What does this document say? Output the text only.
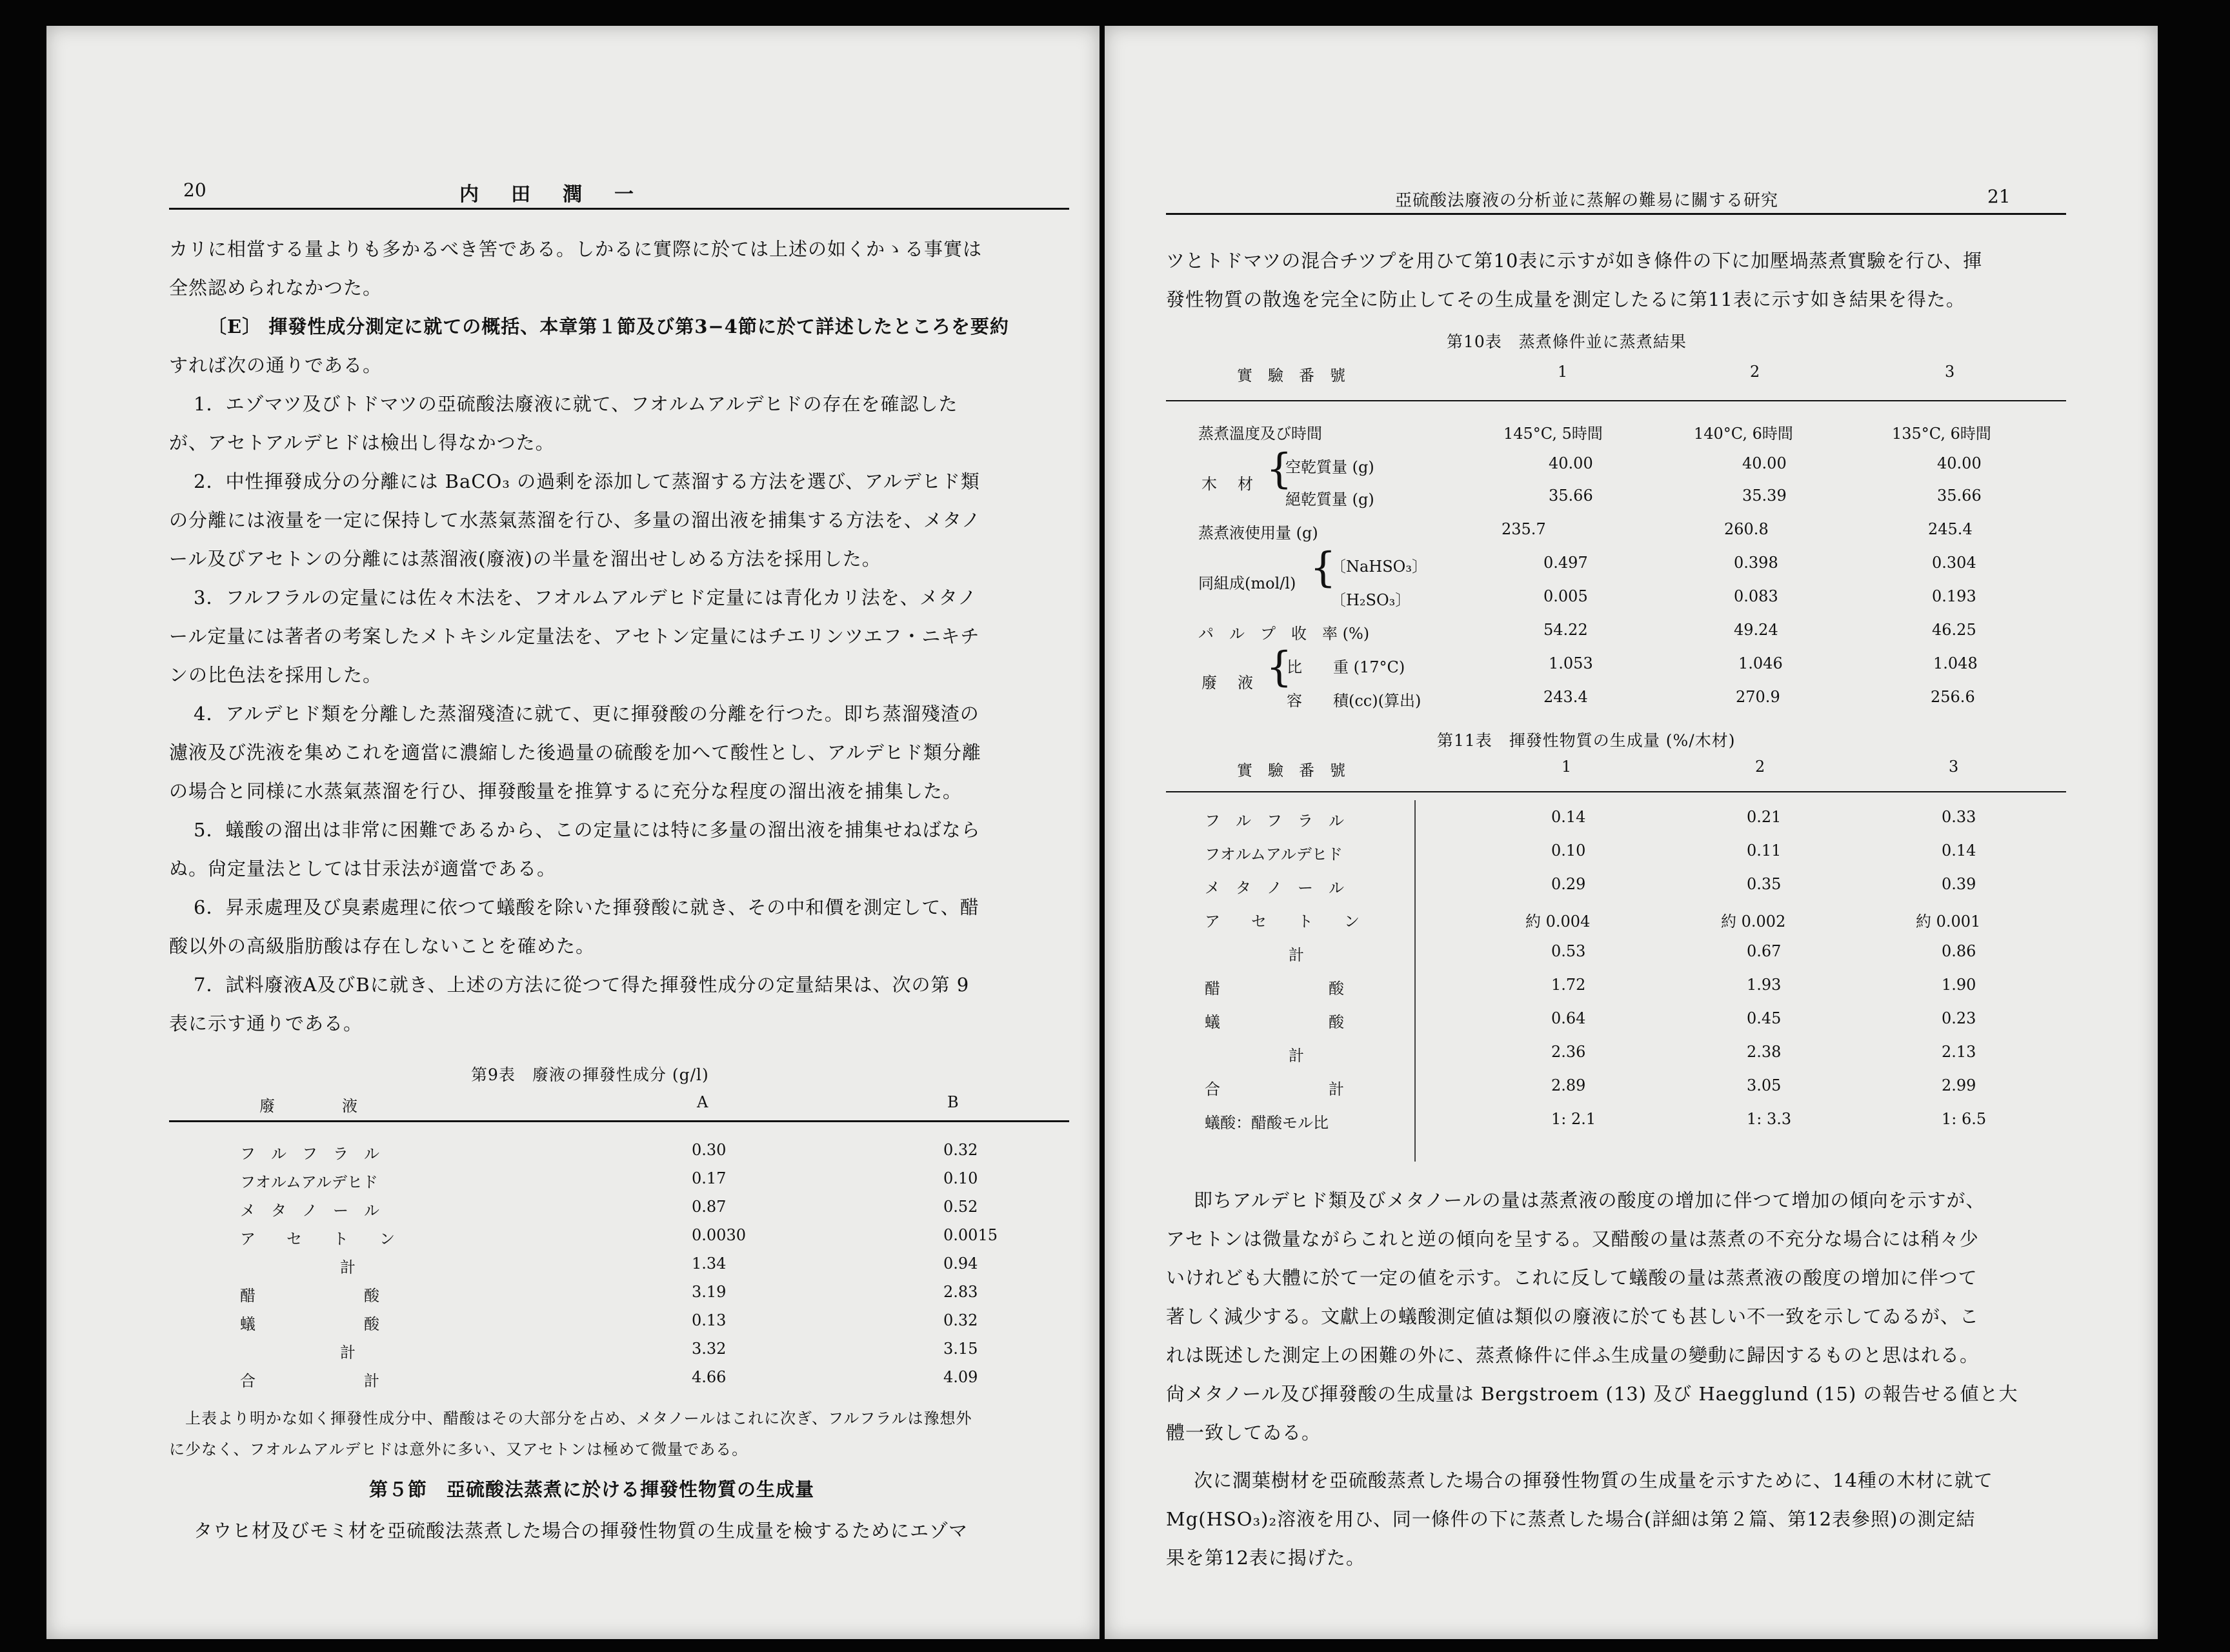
20	内　田　潤　一
カリに相當する量よりも多かるべき筈である。しかるに實際に於ては上述の如くかゝる事實は
全然認められなかつた。
〔E〕 揮發性成分測定に就ての概括、本章第１節及び第3−4節に於て詳述したところを要約
すれば次の通りである。
1．エゾマツ及びトドマツの亞硫酸法廢液に就て、フオルムアルデヒドの存在を確認した
が、アセトアルデヒドは檢出し得なかつた。
2．中性揮發成分の分離には BaCO₃ の過剩を添加して蒸溜する方法を選び、アルデヒド類
の分離には液量を一定に保持して水蒸氣蒸溜を行ひ、多量の溜出液を捕集する方法を、メタノ
ール及びアセトンの分離には蒸溜液(廢液)の半量を溜出せしめる方法を採用した。
3．フルフラルの定量には佐々木法を、フオルムアルデヒド定量には青化カリ法を、メタノ
ール定量には著者の考案したメトキシル定量法を、アセトン定量にはチエリンツエフ・ニキチ
ンの比色法を採用した。
4．アルデヒド類を分離した蒸溜殘渣に就て、更に揮發酸の分離を行つた。即ち蒸溜殘渣の
濾液及び洗液を集めこれを適當に濃縮した後過量の硫酸を加へて酸性とし、アルデヒド類分離
の場合と同様に水蒸氣蒸溜を行ひ、揮發酸量を推算するに充分な程度の溜出液を捕集した。
5．蟻酸の溜出は非常に困難であるから、この定量には特に多量の溜出液を捕集せねばなら
ぬ。尙定量法としては甘汞法が適當である。
6．昇汞處理及び臭素處理に依つて蟻酸を除いた揮發酸に就き、その中和價を測定して、醋
酸以外の高級脂肪酸は存在しないことを確めた。
7．試料廢液A及びBに就き、上述の方法に從つて得た揮發性成分の定量結果は、次の第 9
表に示す通りである。
第9表　廢液の揮發性成分 (g/l)
廢　　　液	A	B
フ　ル　フ　ラ　ル	0.30	0.32
フオルムアルデヒド	0.17	0.10
メ　タ　ノ　ー　ル	0.87	0.52
ア　　セ　　ト　　ン	0.0030	0.0015
計	1.34	0.94
醋　　　　　　　酸	3.19	2.83
蟻　　　　　　　酸	0.13	0.32
計	3.32	3.15
合　　　　　　　計	4.66	4.09
上表より明かな如く揮發性成分中、醋酸はその大部分を占め、メタノールはこれに次ぎ、フルフラルは豫想外
に少なく、フオルムアルデヒドは意外に多い、又アセトンは極めて微量である。
第５節　亞硫酸法蒸煮に於ける揮發性物質の生成量
タウヒ材及びモミ材を亞硫酸法蒸煮した場合の揮發性物質の生成量を檢するためにエゾマ
亞硫酸法廢液の分析並に蒸解の難易に關する研究	21
ツとトドマツの混合チツプを用ひて第10表に示すが如き條件の下に加壓堝蒸煮實驗を行ひ、揮
發性物質の散逸を完全に防止してその生成量を測定したるに第11表に示す如き結果を得た。
第10表　蒸煮條件並に蒸煮結果
實　驗　番　號	1	2	3
蒸煮溫度及び時間	145°C, 5時間	140°C, 6時間	135°C, 6時間
木　材 {
空乾質量 (g)	40.00	40.00	40.00
絕乾質量 (g)	35.66	35.39	35.66
蒸煮液使用量 (g)	235.7	260.8	245.4
同組成(mol/l) {
〔NaHSO₃〕	0.497	0.398	0.304
〔H₂SO₃〕	0.005	0.083	0.193
パ　ル　プ　收　率 (%)	54.22	49.24	46.25
廢　液 {
比　　重 (17°C)	1.053	1.046	1.048
容　　積(cc)(算出)	243.4	270.9	256.6
第11表　揮發性物質の生成量 (%/木材)
實　驗　番　號	1	2	3
フ　ル　フ　ラ　ル	0.14	0.21	0.33
フオルムアルデヒド	0.10	0.11	0.14
メ　タ　ノ　ー　ル	0.29	0.35	0.39
ア　　セ　　ト　　ン	約 0.004	約 0.002	約 0.001
計	0.53	0.67	0.86
醋　　　　　　　酸	1.72	1.93	1.90
蟻　　　　　　　酸	0.64	0.45	0.23
計	2.36	2.38	2.13
合　　　　　　　計	2.89	3.05	2.99
蟻酸：醋酸モル比	1: 2.1	1: 3.3	1: 6.5
即ちアルデヒド類及びメタノールの量は蒸煮液の酸度の增加に伴つて增加の傾向を示すが、
アセトンは微量ながらこれと逆の傾向を呈する。又醋酸の量は蒸煮の不充分な場合には稍々少
いけれども大體に於て一定の値を示す。これに反して蟻酸の量は蒸煮液の酸度の增加に伴つて
著しく減少する。文獻上の蟻酸測定値は類似の廢液に於ても甚しい不一致を示してゐるが、こ
れは既述した測定上の困難の外に、蒸煮條件に伴ふ生成量の變動に歸因するものと思はれる。
尙メタノール及び揮發酸の生成量は Bergstroem (13) 及び Haegglund (15) の報告せる値と大
體一致してゐる。
次に濶葉樹材を亞硫酸蒸煮した場合の揮發性物質の生成量を示すために、14種の木材に就て
Mg(HSO₃)₂溶液を用ひ、同一條件の下に蒸煮した場合(詳細は第２篇、第12表參照)の測定結
果を第12表に揭げた。
